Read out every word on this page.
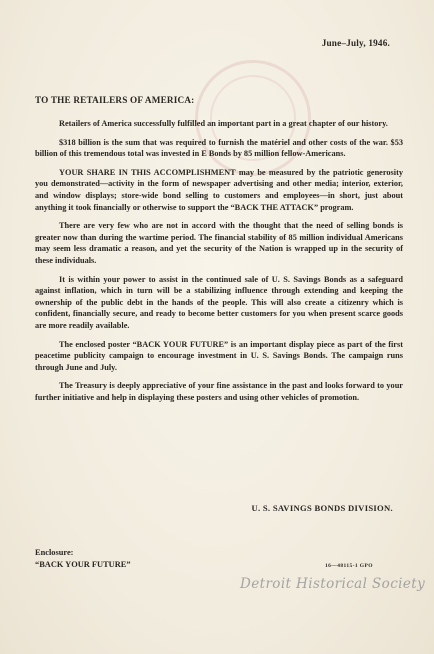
June–July, 1946.
TO THE RETAILERS OF AMERICA:

Retailers of America successfully fulfilled an important part in a great chapter of our history.

$318 billion is the sum that was required to furnish the matériel and other costs of the war. $53 billion of this tremendous total was invested in E Bonds by 85 million fellow-Americans.

YOUR SHARE IN THIS ACCOMPLISHMENT may be measured by the patriotic generosity you demonstrated—activity in the form of newspaper advertising and other media; interior, exterior, and window displays; store-wide bond selling to customers and employees—in short, just about anything it took financially or otherwise to support the “BACK THE ATTACK” program.

There are very few who are not in accord with the thought that the need of selling bonds is greater now than during the wartime period. The financial stability of 85 million individual Americans may seem less dramatic a reason, and yet the security of the Nation is wrapped up in the security of these individuals.

It is within your power to assist in the continued sale of U. S. Savings Bonds as a safeguard against inflation, which in turn will be a stabilizing influence through extending and keeping the ownership of the public debt in the hands of the people. This will also create a citizenry which is confident, financially secure, and ready to become better customers for you when present scarce goods are more readily available.

The enclosed poster “BACK YOUR FUTURE” is an important display piece as part of the first peacetime publicity campaign to encourage investment in U. S. Savings Bonds. The campaign runs through June and July.

The Treasury is deeply appreciative of your fine assistance in the past and looks forward to your further initiative and help in displaying these posters and using other vehicles of promotion.

U. S. SAVINGS BONDS DIVISION.
Enclosure:
“BACK YOUR FUTURE”	16—48115-1 GPO
Detroit Historical Society
